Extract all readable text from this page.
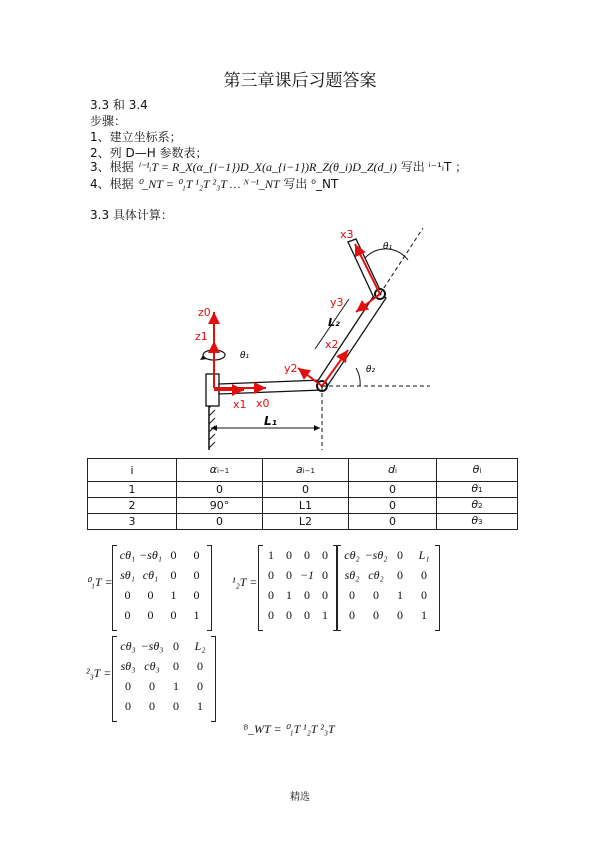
第三章课后习题答案
3.3 和 3.4
步骤：
1、建立坐标系；
2、列 D—H 参数表；
3、根据 ⁱ⁻¹ᵢT = R_X(α_{i−1})D_X(a_{i−1})R_Z(θ_i)D_Z(d_i) 写出 ⁱ⁻¹ᵢT ；
4、根据 ⁰_NT = ⁰₁T ¹₂T ²₃T … ᴺ⁻¹_NT 写出 ⁰_NT
3.3 具体计算：
L₁
L₂
θ₂
θ₁
θ₁
z0
z1
x1 x0
x2
y2
x3
y3
i	αi−1	ai−1	di	θi
1	0	0	0	θ1
2	90°	L1	0	θ2
3	0	L2	0	θ3
⁰₁T =
cθ₁ −sθ₁ 0	0
sθ₁ cθ₁	0	0
0	0	1	0
0	0	0	1
¹₂T =
1	0	0	0
0	0 −1 0
0	1	0	0
0	0	0	1
cθ₂ −sθ₂ 0	L₁
sθ₂ cθ₂	0	0
0	0	1	0
0	0	0	1
²₃T =
cθ₃ −sθ₃ 0	L₂
sθ₃ cθ₃	0	0
0	0	1	0
0	0	0	1
ᴮ_WT = ⁰₁T ¹₂T ²₃T
精选
